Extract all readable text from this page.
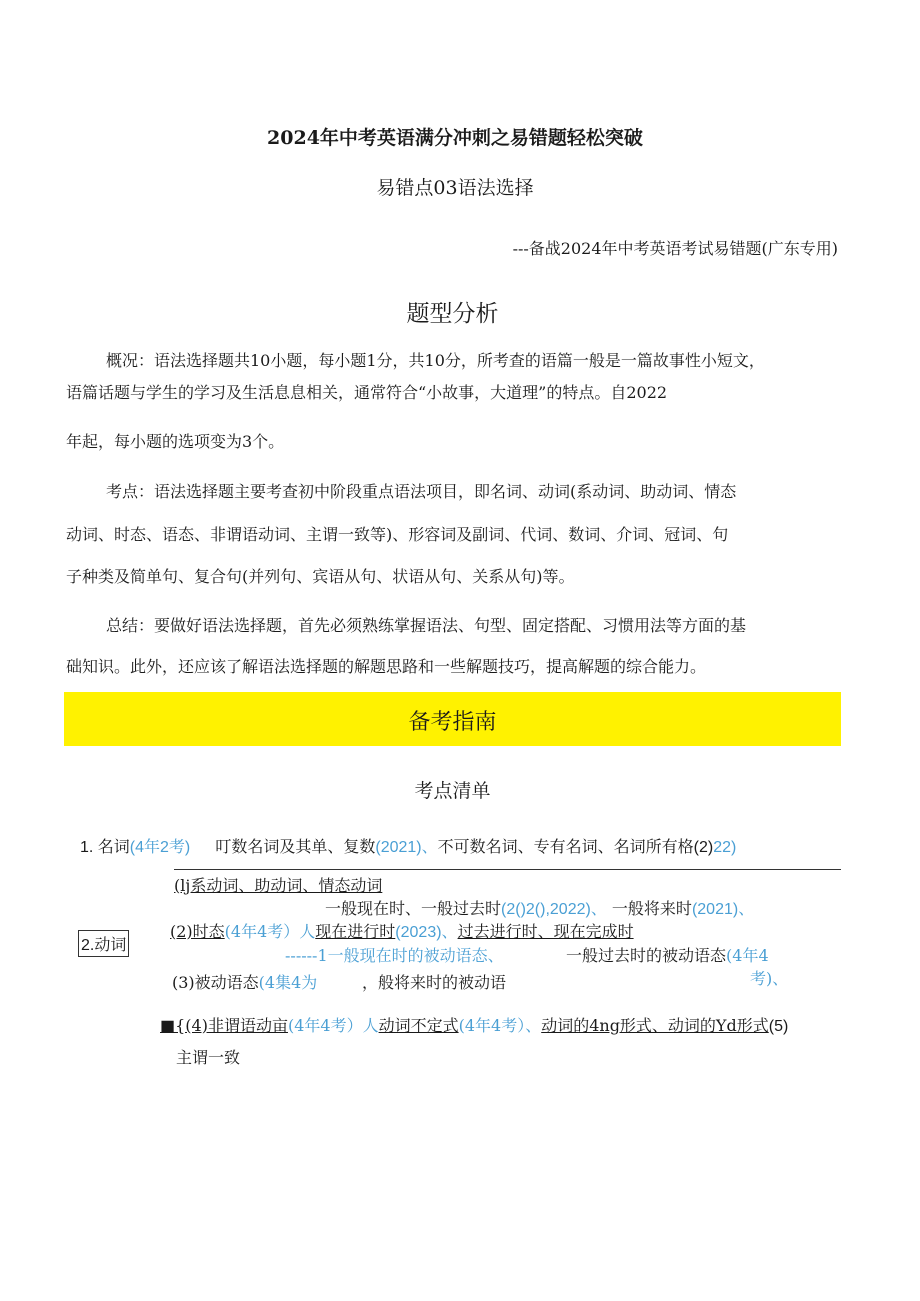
2024年中考英语满分冲刺之易错题轻松突破
易错点03语法选择
---备战2024年中考英语考试易错题(广东专用)
题型分析
概况：语法选择题共10小题，每小题1分，共10分，所考查的语篇一般是一篇故事性小短文，
语篇话题与学生的学习及生活息息相关，通常符合“小故事，大道理”的特点。自2022
年起，每小题的选项变为3个。
考点：语法选择题主要考查初中阶段重点语法项目，即名词、动词(系动词、助动词、情态
动词、时态、语态、非谓语动词、主谓一致等)、形容词及副词、代词、数词、介词、冠词、句
子种类及简单句、复合句(并列句、宾语从句、状语从句、关系从句)等。
总结：要做好语法选择题，首先必须熟练掌握语法、句型、固定搭配、习惯用法等方面的基
础知识。此外，还应该了解语法选择题的解题思路和一些解题技巧，提高解题的综合能力。
备考指南
考点清单
1. 名词(4年2考) 叮数名词及其单、复数(2021)、不可数名词、专有名词、名词所有格(2)22)
(lj系动词、助动词、情态动词
一般现在时、一般过去时(2()2(),2022)、 一般将来时(2021)、
2.动词
(2)时态(4年4考）人现在进行时(2023)、过去进行时、现在完成时
------1一般现在时的被动语态、	一般过去时的被动语态(4年4
考)、
(3)被动语态(4集4为	，般将来时的被动语
■{(4)非谓语动亩(4年4考）人动词不定式(4年4考）、动词的4ng形式、动词的Yd形式(5)
主谓一致
